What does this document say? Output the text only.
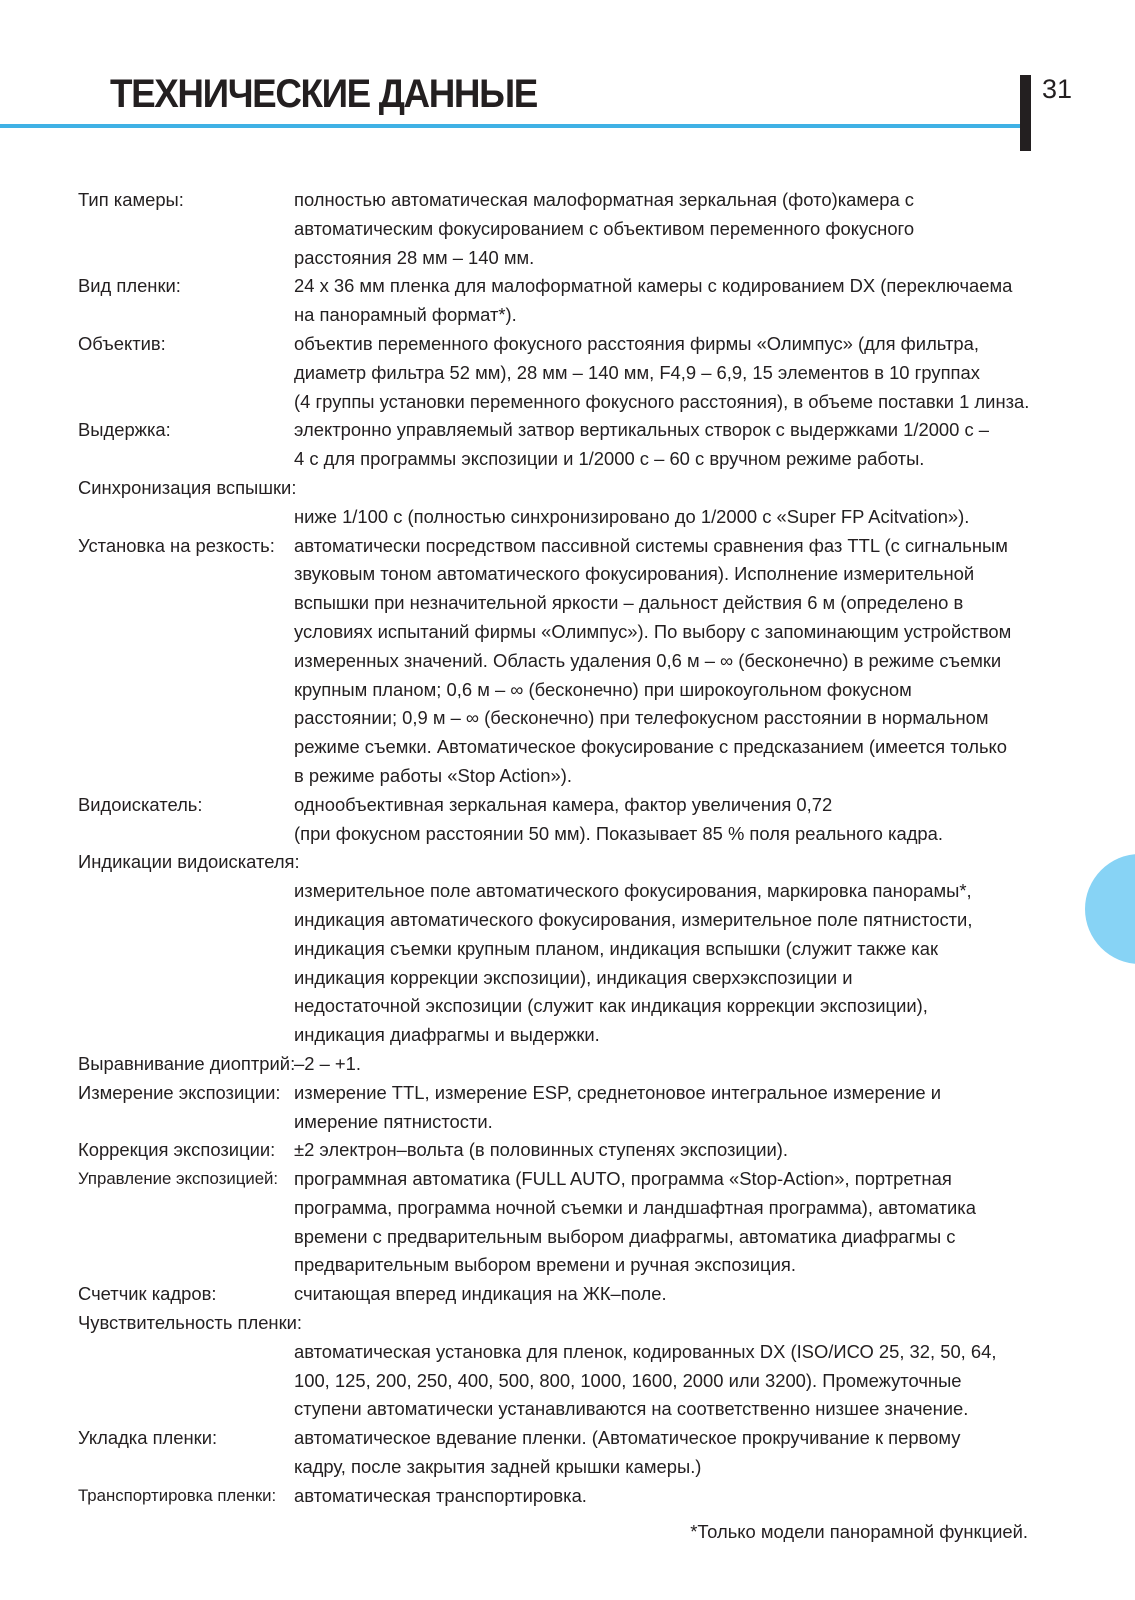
ТЕХНИЧЕСКИЕ ДАННЫЕ	31
Тип камеры:	полностью автоматическая малоформатная зеркальная (фото)камера с
автоматическим фокусированием с объективом переменного фокусного
расстояния 28 мм – 140 мм.
Вид пленки:	24 x 36 мм пленка для малоформатной камеры с кодированием DX (переключаема
на панорамный формат*).
Объектив:	объектив переменного фокусного расстояния фирмы «Олимпус» (для фильтра,
диаметр фильтра 52 мм), 28 мм – 140 мм, F4,9 – 6,9, 15 элементов в 10 группах
(4 группы установки переменного фокусного расстояния), в объеме поставки 1 линза.
Выдержка:	электронно управляемый затвор вертикальных створок с выдержками 1/2000 с –
4 с для программы экспозиции и 1/2000 с – 60 с вручном режиме работы.
Синхронизация вспышки:
ниже 1/100 с (полностью синхронизировано до 1/2000 с «Super FP Acitvation»).
Установка на резкость: автоматически посредством пассивной системы сравнения фаз TTL (с сигнальным
звуковым тоном автоматического фокусирования). Исполнение измерительной
вспышки при незначительной яркости – дальност действия 6 м (определено в
условиях испытаний фирмы «Олимпус»). По выбору с запоминающим устройством
измеренных значений. Область удаления 0,6 м – ∞ (бесконечно) в режиме съемки
крупным планом; 0,6 м – ∞ (бесконечно) при широкоугольном фокусном
расстоянии; 0,9 м – ∞ (бесконечно) при телефокусном расстоянии в нормальном
режиме съемки. Автоматическое фокусирование с предсказанием (имеется только
в режиме работы «Stop Action»).
Видоискатель:	однообъективная зеркальная камера, фактор увеличения 0,72
(при фокусном расстоянии 50 мм). Показывает 85 % поля реального кадра.
Индикации видоискателя:
измерительное поле автоматического фокусирования, маркировка панорамы*,
индикация автоматического фокусирования, измерительное поле пятнистости,
индикация съемки крупным планом, индикация вспышки (служит также как
индикация коррекции экспозиции), индикация сверхэкспозиции и
недостаточной экспозиции (служит как индикация коррекции экспозиции),
индикация диафрагмы и выдержки.
Выравнивание диоптрий:
–2 – +1.
Измерение экспозиции: измерение TTL, измерение ESP, среднетоновое интегральное измерение и
имерение пятнистости.
Коррекция экспозиции: ±2 электрон–вольта (в половинных ступенях экспозиции).
Управление экспозицией: программная автоматика (FULL AUTO, программа «Stop-Action», портретная
программа, программа ночной съемки и ландшафтная программа), автоматика
времени с предварительным выбором диафрагмы, автоматика диафрагмы с
предварительным выбором времени и ручная экспозиция.
Счетчик кадров:	считающая вперед индикация на ЖК–поле.
Чувствительность пленки:
автоматическая установка для пленок, кодированных DX (ISO/ИСО 25, 32, 50, 64,
100, 125, 200, 250, 400, 500, 800, 1000, 1600, 2000 или 3200). Промежуточные
ступени автоматически устанавливаются на соответственно низшее значение.
Укладка пленки:	автоматическое вдевание пленки. (Автоматическое прокручивание к первому
кадру, после закрытия задней крышки камеры.)
Транспортировка пленки: автоматическая транспортировка.
*Только модели панорамной функцией.
